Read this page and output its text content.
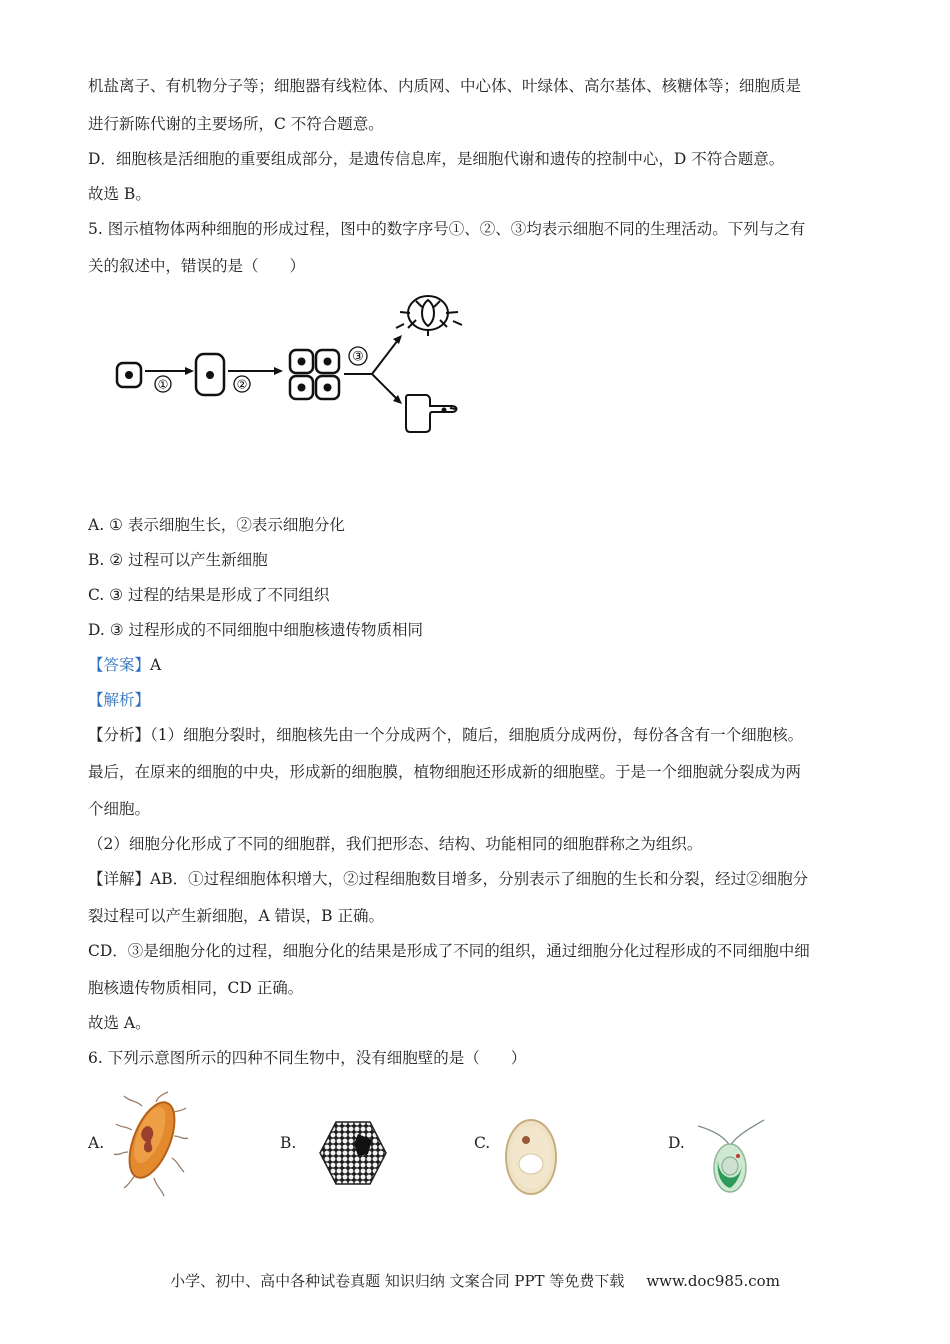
机盐离子、有机物分子等；细胞器有线粒体、内质网、中心体、叶绿体、高尔基体、核糖体等；细胞质是
进行新陈代谢的主要场所，C 不符合题意。
D．细胞核是活细胞的重要组成部分，是遗传信息库，是细胞代谢和遗传的控制中心，D 不符合题意。
故选 B。
5. 图示植物体两种细胞的形成过程，图中的数字序号①、②、③均表示细胞不同的生理活动。下列与之有
关的叙述中，错误的是（　　）
①	②
③
A. ① 表示细胞生长，②表示细胞分化
B. ② 过程可以产生新细胞
C. ③ 过程的结果是形成了不同组织
D. ③ 过程形成的不同细胞中细胞核遗传物质相同
【答案】A
【解析】
【分析】（1）细胞分裂时，细胞核先由一个分成两个，随后，细胞质分成两份，每份各含有一个细胞核。
最后，在原来的细胞的中央，形成新的细胞膜，植物细胞还形成新的细胞壁。于是一个细胞就分裂成为两
个细胞。
（2）细胞分化形成了不同的细胞群，我们把形态、结构、功能相同的细胞群称之为组织。
【详解】AB．①过程细胞体积增大，②过程细胞数目增多，分别表示了细胞的生长和分裂，经过②细胞分
裂过程可以产生新细胞，A 错误，B 正确。
CD．③是细胞分化的过程，细胞分化的结果是形成了不同的组织，通过细胞分化过程形成的不同细胞中细
胞核遗传物质相同，CD 正确。
故选 A。
6. 下列示意图所示的四种不同生物中，没有细胞壁的是（　　）
A.	B.	C.	D.
小学、初中、高中各种试卷真题 知识归纳 文案合同 PPT 等免费下载 www.doc985.com
